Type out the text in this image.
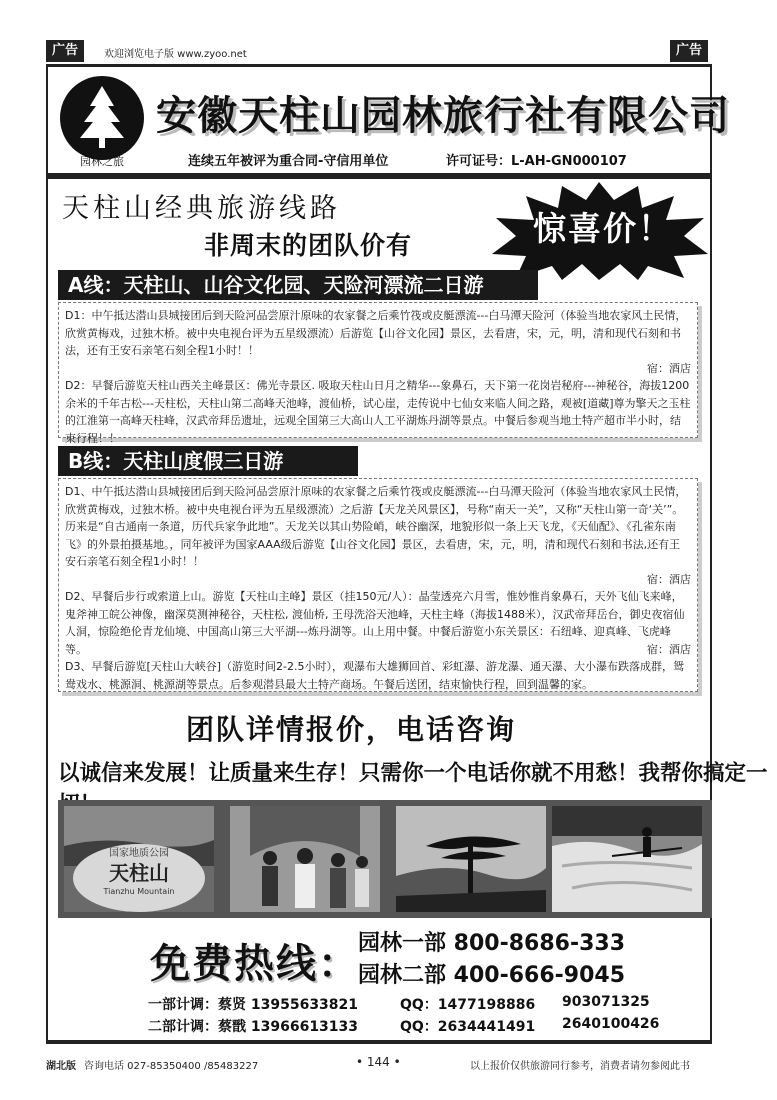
广告	欢迎浏览电子版 www.zyoo.net	广告
园林之旅
安徽天柱山园林旅行社有限公司
连续五年被评为重合同-守信用单位	许可证号：L-AH-GN000107
天柱山经典旅游线路
非周末的团队价有	惊喜价！
A线：天柱山、山谷文化园、天险河漂流二日游

D1：中午抵达潜山县城接团后到天险河品尝原汁原味的农家餐之后乘竹筏或皮艇漂流---白马潭天险河（体验当地农家风土民情，欣赏黄梅戏，过独木桥。被中央电视台评为五星级漂流）后游览【山谷文化园】景区，去看唐，宋，元，明，清和现代石刻和书法，还有王安石亲笔石刻全程1小时！！
宿：酒店

D2：早餐后游览天柱山西关主峰景区：佛光寺景区. 吸取天柱山日月之精华---象鼻石，天下第一花岗岩秘府---神秘谷，海拔1200余米的千年古松---天柱松，天柱山第二高峰天池峰，渡仙桥，试心崖，走传说中七仙女来临人间之路，观被[道藏]尊为擎天之玉柱的江淮第一高峰天柱峰，汉武帝拜岳遗址，远观全国第三大高山人工平湖炼丹湖等景点。中餐后参观当地土特产超市半小时，结束行程！！

B线：天柱山度假三日游

D1、中午抵达潜山县城接团后到天险河品尝原汁原味的农家餐之后乘竹筏或皮艇漂流---白马潭天险河（体验当地农家风土民情，欣赏黄梅戏，过独木桥。被中央电视台评为五星级漂流）之后游【天龙关风景区】，号称“南天一关”，又称“天柱山第一奇‘关’”。历来是“自古通南一条道，历代兵家争此地”。天龙关以其山势险峭，峡谷幽深，地貌形似一条上天飞龙，《天仙配》、《孔雀东南飞》的外景拍摄基地。，同年被评为国家AAA级后游览【山谷文化园】景区，去看唐，宋，元，明，清和现代石刻和书法,还有王安石亲笔石刻全程1小时！！
宿：酒店

D2、早餐后步行或索道上山。游览【天柱山主峰】景区（挂150元/人）：晶莹透亮六月雪，惟妙惟肖象鼻石，天外飞仙飞来峰，鬼斧神工皖公神像，幽深莫测神秘谷，天柱松, 渡仙桥, 王母洗浴天池峰，天柱主峰（海拔1488米），汉武帝拜岳台，御史夜宿仙人洞，惊险绝伦青龙仙境、中国高山第三大平湖---炼丹湖等。山上用中餐。中餐后游览小东关景区：石纽峰、迎真峰、飞虎峰等。	宿：酒店

D3、早餐后游览[天柱山大峡谷]（游览时间2-2.5小时），观瀑布大雄狮回首、彩虹瀑、游龙瀑、通天瀑、大小瀑布跌落成群，鸳鸯戏水、桃源洞、桃源湖等景点。后参观潜县最大土特产商场。午餐后送团，结束愉快行程，回到温馨的家。

团队详情报价，电话咨询
以诚信来发展！让质量来生存！只需你一个电话你就不用愁！我帮你搞定一
国家地质公园
天柱山
Tianzhu Mountain
免费热线：
园林一部 800-8686-333
园林二部 400-666-9045
一部计调：蔡贤 13955633821	QQ：1477198886 903071325
二部计调：蔡戬 13966613133	QQ：2634441491 2640100426
湖北版 咨询电话 027-85350400 /85483227	• 144 •	以上报价仅供旅游同行参考，消费者请勿参阅此书
